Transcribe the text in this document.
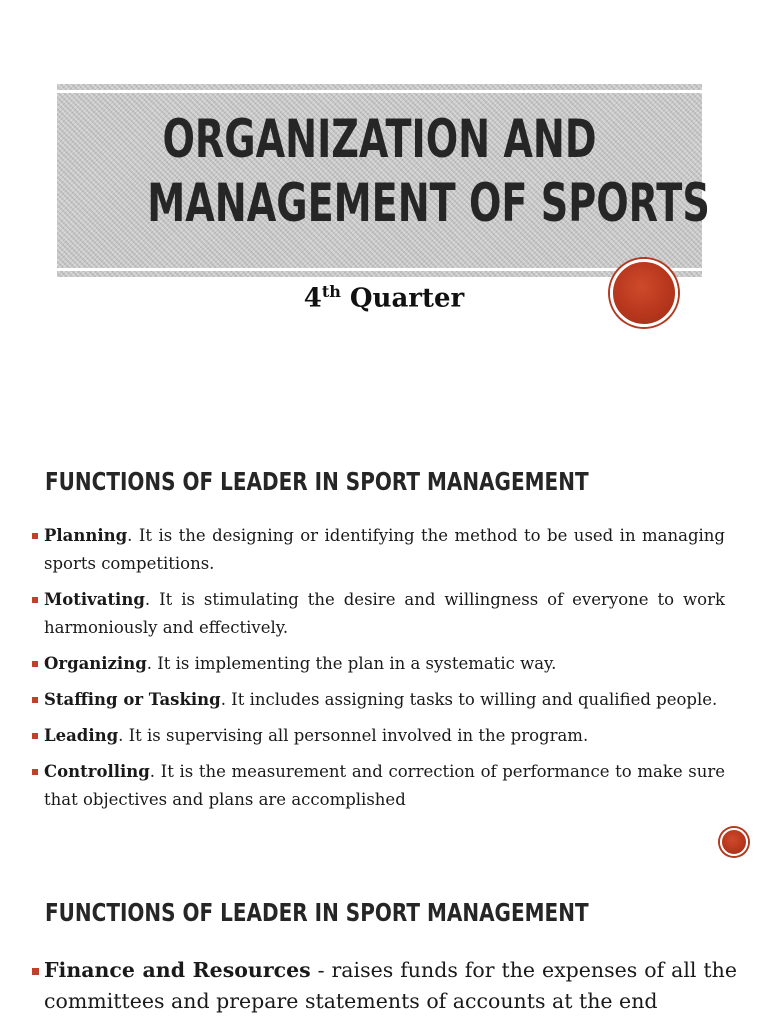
ORGANIZATION AND
MANAGEMENT OF SPORTS
4th Quarter
FUNCTIONS OF LEADER IN SPORT MANAGEMENT
Planning. It is the designing or identifying the method to be used in managing sports competitions.
Motivating. It is stimulating the desire and willingness of everyone to work harmoniously and effectively.
Organizing. It is implementing the plan in a systematic way.
Staffing or Tasking. It includes assigning tasks to willing and qualified people.
Leading. It is supervising all personnel involved in the program.
Controlling. It is the measurement and correction of performance to make sure that objectives and plans are accomplished
FUNCTIONS OF LEADER IN SPORT MANAGEMENT
Finance and Resources - raises funds for the expenses of all the committees and prepare statements of accounts at the end
